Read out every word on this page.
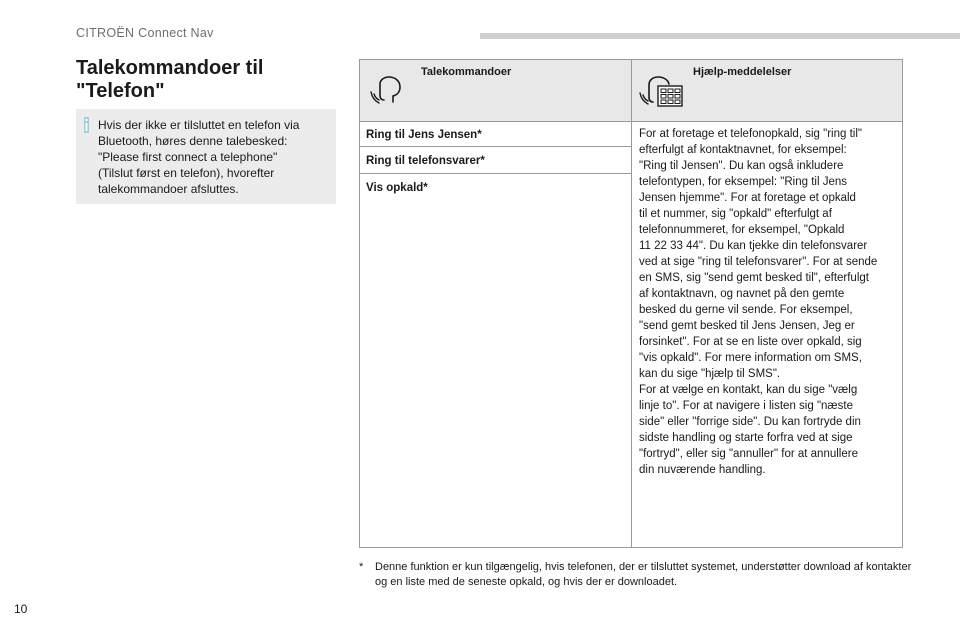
CITROËN Connect Nav
Talekommandoer til
"Telefon"

Hvis der ikke er tilsluttet en telefon via
Bluetooth, høres denne talebesked:
"Please first connect a telephone"
(Tilslut først en telefon), hvorefter
talekommandoer afsluttes.

Talekommandoer	Hjælp-meddelelser
Ring til Jens Jensen*
Ring til telefonsvarer*
Vis opkald*

For at foretage et telefonopkald, sig "ring til"
efterfulgt af kontaktnavnet, for eksempel:
"Ring til Jensen". Du kan også inkludere
telefontypen, for eksempel: "Ring til Jens
Jensen hjemme". For at foretage et opkald
til et nummer, sig "opkald" efterfulgt af
telefonnummeret, for eksempel, "Opkald
11 22 33 44". Du kan tjekke din telefonsvarer
ved at sige "ring til telefonsvarer". For at sende
en SMS, sig "send gemt besked til", efterfulgt
af kontaktnavn, og navnet på den gemte
besked du gerne vil sende. For eksempel,
"send gemt besked til Jens Jensen, Jeg er
forsinket". For at se en liste over opkald, sig
"vis opkald". For mere information om SMS,
kan du sige "hjælp til SMS".
For at vælge en kontakt, kan du sige "vælg
linje to". For at navigere i listen sig "næste
side" eller "forrige side". Du kan fortryde din
sidste handling og starte forfra ved at sige
"fortryd", eller sig "annuller" for at annullere
din nuværende handling.

* Denne funktion er kun tilgængelig, hvis telefonen, der er tilsluttet systemet, understøtter download af kontakter og en liste med de seneste opkald, og hvis der er downloadet.

10
